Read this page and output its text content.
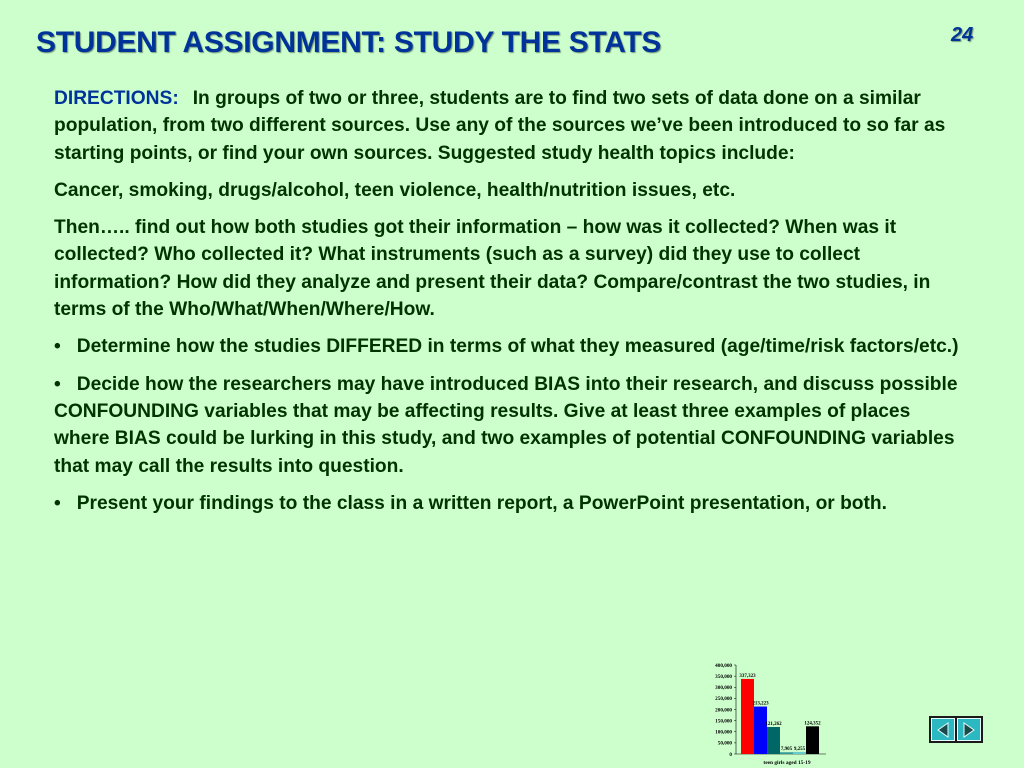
STUDENT ASSIGNMENT: STUDY THE STATS	24

DIRECTIONS: In groups of two or three, students are to find two sets of data done on a similar population, from two different sources. Use any of the sources we’ve been introduced to so far as starting points, or find your own sources. Suggested study health topics include:

Cancer, smoking, drugs/alcohol, teen violence, health/nutrition issues, etc.

Then….. find out how both studies got their information – how was it collected? When was it collected? Who collected it? What instruments (such as a survey) did they use to collect information? How did they analyze and present their data? Compare/contrast the two studies, in terms of the Who/What/When/Where/How.

• Determine how the studies DIFFERED in terms of what they measured (age/time/risk factors/etc.)

• Decide how the researchers may have introduced BIAS into their research, and discuss possible CONFOUNDING variables that may be affecting results. Give at least three examples of places where BIAS could be lurking in this study, and two examples of potential CONFOUNDING variables that may call the results into question.

• Present your findings to the class in a written report, a PowerPoint presentation, or both.

0
50,000
100,000
150,000
200,000
250,000
300,000
350,000
400,000
337,323
213,223
121,262
7,905 9,255
124,352
teen girls aged 15-19
